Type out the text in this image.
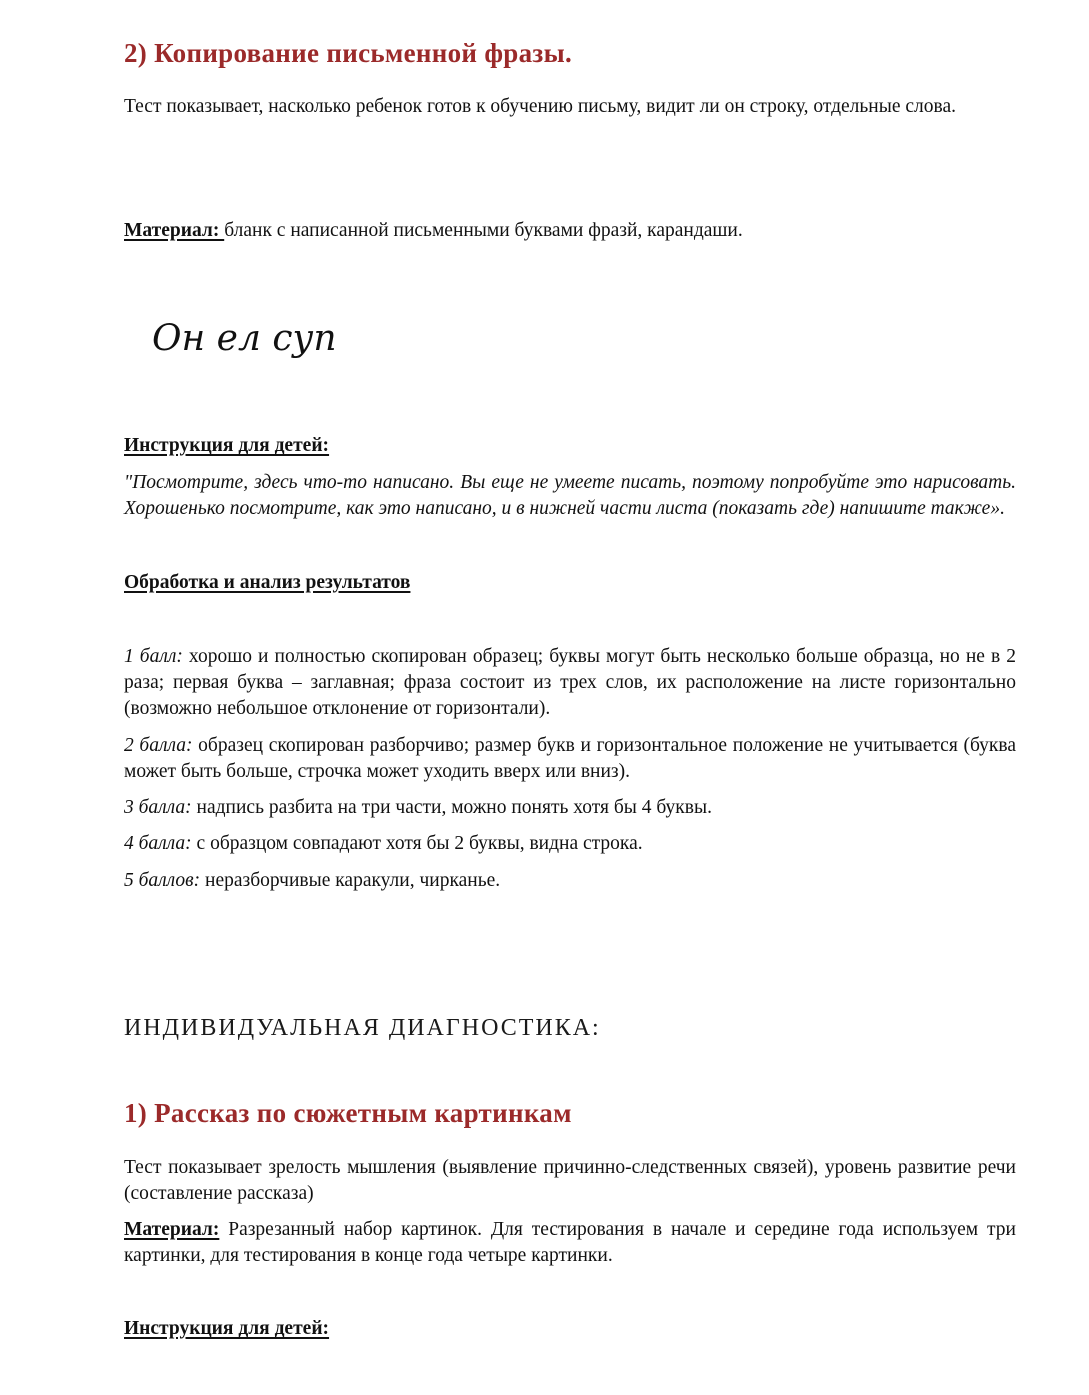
2) Копирование письменной фразы.
Тест показывает, насколько ребенок готов к обучению письму, видит ли он строку, отдельные слова.
Материал: бланк с написанной письменными буквами фразй, карандаши.
Он ел суп
Инструкция для детей:
"Посмотрите, здесь что-то написано. Вы еще не умеете писать, поэтому попробуйте это нарисовать. Хорошенько посмотрите, как это написано, и в нижней части листа (показать где) напишите также».
Обработка и анализ результатов
1 балл: хорошо и полностью скопирован образец; буквы могут быть несколько больше образца, но не в 2 раза; первая буква – заглавная; фраза состоит из трех слов, их расположение на листе горизонтально (возможно небольшое отклонение от горизонтали).
2 балла: образец скопирован разборчиво; размер букв и горизонтальное положение не учитывается (буква может быть больше, строчка может уходить вверх или вниз).
3 балла: надпись разбита на три части, можно понять хотя бы 4 буквы.
4 балла: с образцом совпадают хотя бы 2 буквы, видна строка.
5 баллов: неразборчивые каракули, чирканье.
ИНДИВИДУАЛЬНАЯ ДИАГНОСТИКА:
1) Рассказ по сюжетным картинкам
Тест показывает зрелость мышления (выявление причинно-следственных связей), уровень развитие речи (составление рассказа)
Материал: Разрезанный набор картинок. Для тестирования в начале и середине года используем три картинки, для тестирования в конце года четыре картинки.
Инструкция для детей:
